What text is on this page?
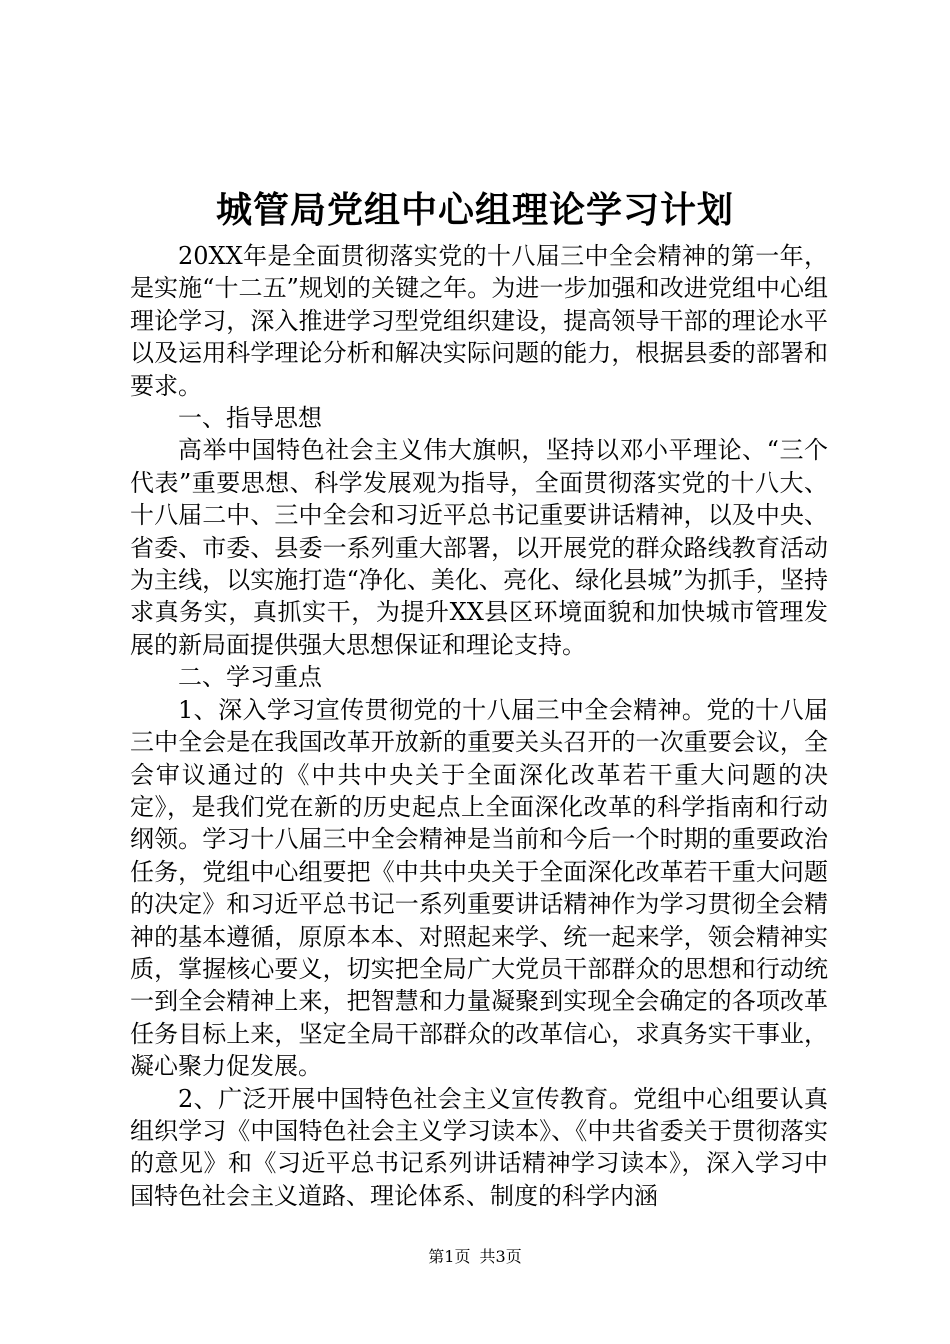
城管局党组中心组理论学习计划

20XX年是全面贯彻落实党的十八届三中全会精神的第一年，是实施“十二五”规划的关键之年。为进一步加强和改进党组中心组理论学习，深入推进学习型党组织建设，提高领导干部的理论水平以及运用科学理论分析和解决实际问题的能力，根据县委的部署和要求。

一、指导思想

高举中国特色社会主义伟大旗帜，坚持以邓小平理论、“三个代表”重要思想、科学发展观为指导，全面贯彻落实党的十八大、十八届二中、三中全会和习近平总书记重要讲话精神，以及中央、省委、市委、县委一系列重大部署，以开展党的群众路线教育活动为主线，以实施打造“净化、美化、亮化、绿化县城”为抓手，坚持求真务实，真抓实干，为提升XX县区环境面貌和加快城市管理发展的新局面提供强大思想保证和理论支持。

二、学习重点

1、深入学习宣传贯彻党的十八届三中全会精神。党的十八届三中全会是在我国改革开放新的重要关头召开的一次重要会议，全会审议通过的《中共中央关于全面深化改革若干重大问题的决定》，是我们党在新的历史起点上全面深化改革的科学指南和行动纲领。学习十八届三中全会精神是当前和今后一个时期的重要政治任务，党组中心组要把《中共中央关于全面深化改革若干重大问题的决定》和习近平总书记一系列重要讲话精神作为学习贯彻全会精神的基本遵循，原原本本、对照起来学、统一起来学，领会精神实质，掌握核心要义，切实把全局广大党员干部群众的思想和行动统一到全会精神上来，把智慧和力量凝聚到实现全会确定的各项改革任务目标上来，坚定全局干部群众的改革信心，求真务实干事业，凝心聚力促发展。

2、广泛开展中国特色社会主义宣传教育。党组中心组要认真组织学习《中国特色社会主义学习读本》、《中共省委关于贯彻落实的意见》和《习近平总书记系列讲话精神学习读本》，深入学习中国特色社会主义道路、理论体系、制度的科学内涵

第1页 共3页
